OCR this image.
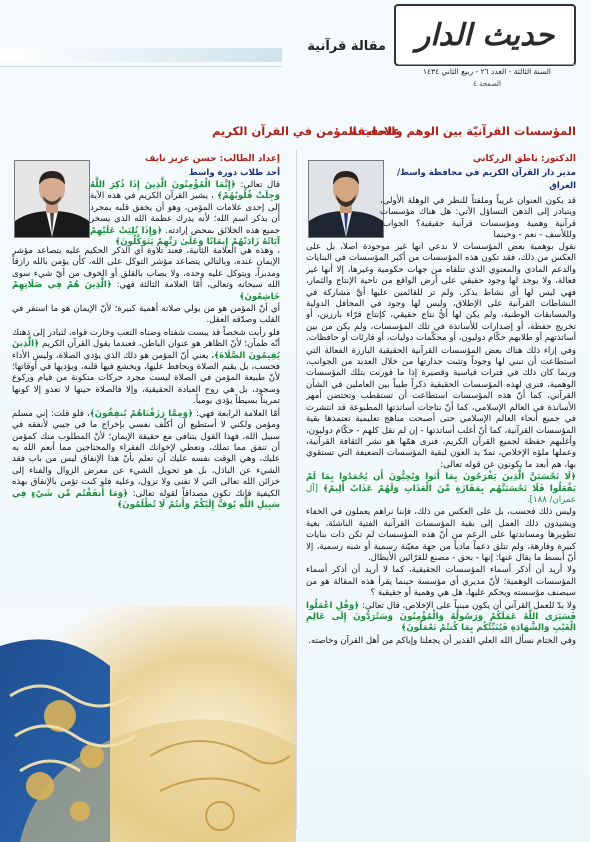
حديث الدار
السنة الثالثة - العدد ٢٦ - ربيع الثاني ١٤٣٤
الصفحة ٤
مقالة قرآنية
المؤسسات القرآنيّة بين الوهم والحقيقة
علامات المؤمن في القرآن الكريم
الدكتور: ناطق الزركاني
مدير دار القرآن الكريم في محافظة واسط/ العراق
إعداد الطالب: حسن عزيز نايف
أحد طلاب دورة واسط

قد يكون العنوان غريباً وملفتاً للنظر في الوهلة الأولى، ويتبادر إلى الذهن التساؤل الآتي: هل هناك مؤسسات قرآنية وهمية ومؤسسات قرآنية حقيقية؟ الجواب: ولللأسف - نعم - وحينما

نقول بوهمية بعض المؤسسات لا ندعي أنها غير موجودة أصلاً، بل على العكس من ذلك، فقد تكون هذه المؤسسات من أكبر المؤسسات في البنايات والدعم المادي والمعنوي الذي تتلقاه من جهات حكومية وغيرها، إلا أنها غير فعالة، ولا يوجد لها وجود حقيقي على أرض الواقع من ناحية الإنتاج والثمار، فهي ليس لها أي نشاط يذكر، ولم تر للقائمين عليها أيَّ مشاركة في النشاطات القرآنية على الإطلاق، وليس لها وجود في المحافل الدولية والمسابقات الوطنية، ولم يكن لها أيُّ نتاج حقيقي، كإنتاج قرّاء بارزين، أو تخريج حفظة، أو إصدارات للأساتذة في تلك المؤسسات، ولم يكن من بين أساتذتهم أو طلابهم حكّام دوليون، أو محكّمات دوليات، أو قارئات أو حافظات.

وفي إزاء ذلك هناك بعض المؤسسات القرآنية الحقيقية البارزة الفعالة التي استطاعت أن تبني لها وجوداً وتثبت جدارتها من خلال العديد من الجوانب، وربما كان ذلك في فترات قياسية وقصيرة إذا ما قورنت بتلك المؤسسات الوهمية، فنرى لهذه المؤسسات الحقيقية ذكراً طيباً بين العاملين في الشأن القرآني، كما أنّ هذه المؤسسات استطاعت أن تستقطب وتحتضن أمهر الأساتذة في العالم الإسلامي، كما أنّ نتاجات أساتذتها المطبوعة قد انتشرت في جميع أنحاء العالم الإسلامي حتى أصبحت مناهج تعليمية تعتمدها بقية المؤسسات القرآنية، كما أنّ أغلب أساتذتها - إن لم نقل كلهم - حكّام دوليون، وأغلبهم حفظة لجميع القرآن الكريم، فنرى همّها هو نشر الثقافة القرآنية، وعملها ملؤه الإخلاص، تمدّ يد العون لبقية المؤسسات الضعيفة التي تستقوي بها، هم أبعد ما يكونون عن قوله تعالى:

﴿لَا تَحْسَبَنَّ الَّذِينَ يَفْرَحُونَ بِمَا أَتَوا وَيُحِبُّونَ أَن يُحْمَدُوا بِمَا لَمْ يَفْعَلُوا فَلَا تَحْسَبَنَّهُم بِمَفَازَةٍ مِّنَ الْعَذَابِ وَلَهُمْ عَذَابٌ أَلِيمٌ﴾ [آل عمران/ ١٨٨].

وليس ذلك فحسب، بل على العكس من ذلك، فإننا نراهم يعملون في الخفاء ويشيدون ذلك العمل إلى بقية المؤسسات القرآنية الفتية الناشئة، بغية تطويرها ومساندتها على الرغم من أنّ هذه المؤسسات لم تكن ذات بنايات كبيرة وفارهة، ولم تتلق دعماً مادياً من جهة معيّنة رسمية أو شبه رسمية، إلا أنّ أبسط ما يقال عنها: إنها - بحق - مصنع للقرّائين الأبطال.

ولا أريد أن أذكر أسماء المؤسسات الحقيقية، كما لا أريد أن أذكر أسماء المؤسسات الوهمية؛ لأنّ مديري أي مؤسسة حينما يقرأ هذه المقالة هو من سيصنف مؤسسته ويحكم عليها، هل هي وهمية أو حقيقية ؟

ولا بدّ للعمل القرآني أن يكون مبنياً على الإخلاص، قال تعالى: ﴿وَقُلِ اعْمَلُوا فَسَيَرَى اللَّهُ عَمَلَكُمْ وَرَسُولُهُ وَالْمُؤْمِنُونَ وَسَتُرَدُّونَ إِلَى عَالِمِ الْغَيْبِ وَالشَّهَادَةِ فَيُنَبِّئُكُم بِمَا كُنتُمْ تَعْمَلُونَ﴾

وفي الختام نسأل الله العلي القدير أن يجعلنا وإياكم من أهل القرآن وخاصته.

قال تعالى: ﴿إِنَّمَا الْمُؤْمِنُونَ الَّذِينَ إِذَا ذُكِرَ اللَّهُ وَجِلَتْ قُلُوبُهُمْ﴾ ، يشير القرآن الكريم في هذه الآية إلى إحدى علامات المؤمن، وهو أن يخفق قلبه بمجرد أن يذكر اسم الله؛ لأنه يدرك عظمة الله الذي يسخر جميع هذه الخلائق بمحض إرادته. ﴿وَإِذَا تُلِيَتْ عَلَيْهِمْ آيَاتُهُ زَادَتْهُمْ إِيمَانًا وَعَلَىٰ رَبِّهِمْ يَتَوَكَّلُونَ﴾

، وهذه هي العلامة الثانية، فعند تلاوة آي الذكر الحكيم عليه يتصاعد مؤشر الإيمان عنده، وبالتالي يتصاعد مؤشر التوكل على الله، كأن يؤمن بالله رازقاً ومدبراً، ويتوكل عليه وحده، ولا يصاب بالقلق أو الخوف من أيّ شيء سوى الله سبحانه وتعالى، أمّا العلامة الثالثة فهي: ﴿الَّذِينَ هُمْ فِي صَلَاتِهِمْ خَاشِعُونَ﴾

أي أنّ المؤمن هو من يولي صلاته أهمية كبيرة؛ لأنّ الإيمان هو ما استقر في القلب وصدّقه العقل.

فلو رأيت شخصاً قد يبست شفتاه وضناه التعب وخارت قواه، لتبادر إلى ذهنك أنّه ظمآن؛ لأنّ الظاهر هو عنوان الباطن، فعندما يقول القرآن الكريم ﴿الَّذِينَ يُقِيمُونَ الصَّلَاةَ﴾، يعني أنّ المؤمن هو ذلك الذي يؤدي الصلاة، وليس الأداء فحسب، بل يقيم الصلاة ويحافظ عليها، ويخشع فيها قلبه، ويؤديها في أوقاتها؛ لأنّ طبيعة المؤمن في الصلاة ليست مجرد حركات متكونة من قيام وركوع وسجود، بل هي روح العبادة الحقيقية، وإلا فالصلاة حينها لا تعدو إلا كونها تمريناً بسيطاً يؤدى يومياً.

أمّا العلامة الرابعة فهي: ﴿وَمِمَّا رَزَقْنَاهُمْ يُنفِقُونَ﴾، فلو قلت: إني مسلم ومؤمن ولكني لا أستطيع أن أكلّف نفسي بإخراج ما في جيبي لأنفقه في سبيل الله، فهذا القول يتنافى مع حقيقة الإيمان؛ لأنّ المطلوب منك كمؤمن أن تنفق مما تملك، وتعطي لإخوانك الفقراء والمحتاجين مما أنعم الله به عليك، وهي الوقت نفسه عليك أن تعلم بأنّ هذا الإنفاق ليس من باب فقد الشيء عن الباذل، بل هو تحويل الشيء عن معرض الزوال والفناء إلى خزائن الله تعالى التي لا تفنى ولا تزول، وعليه فلو كنت تؤمن بالإنفاق بهذه الكيفية فإنك تكون مصداقاً لقوله تعالى: ﴿وَمَا أَنفَقْتُم مِّن شَيْءٍ فِي سَبِيلِ اللَّهِ يُوَفَّ إِلَيْكُمْ وَأَنتُمْ لَا تُظْلَمُونَ﴾
